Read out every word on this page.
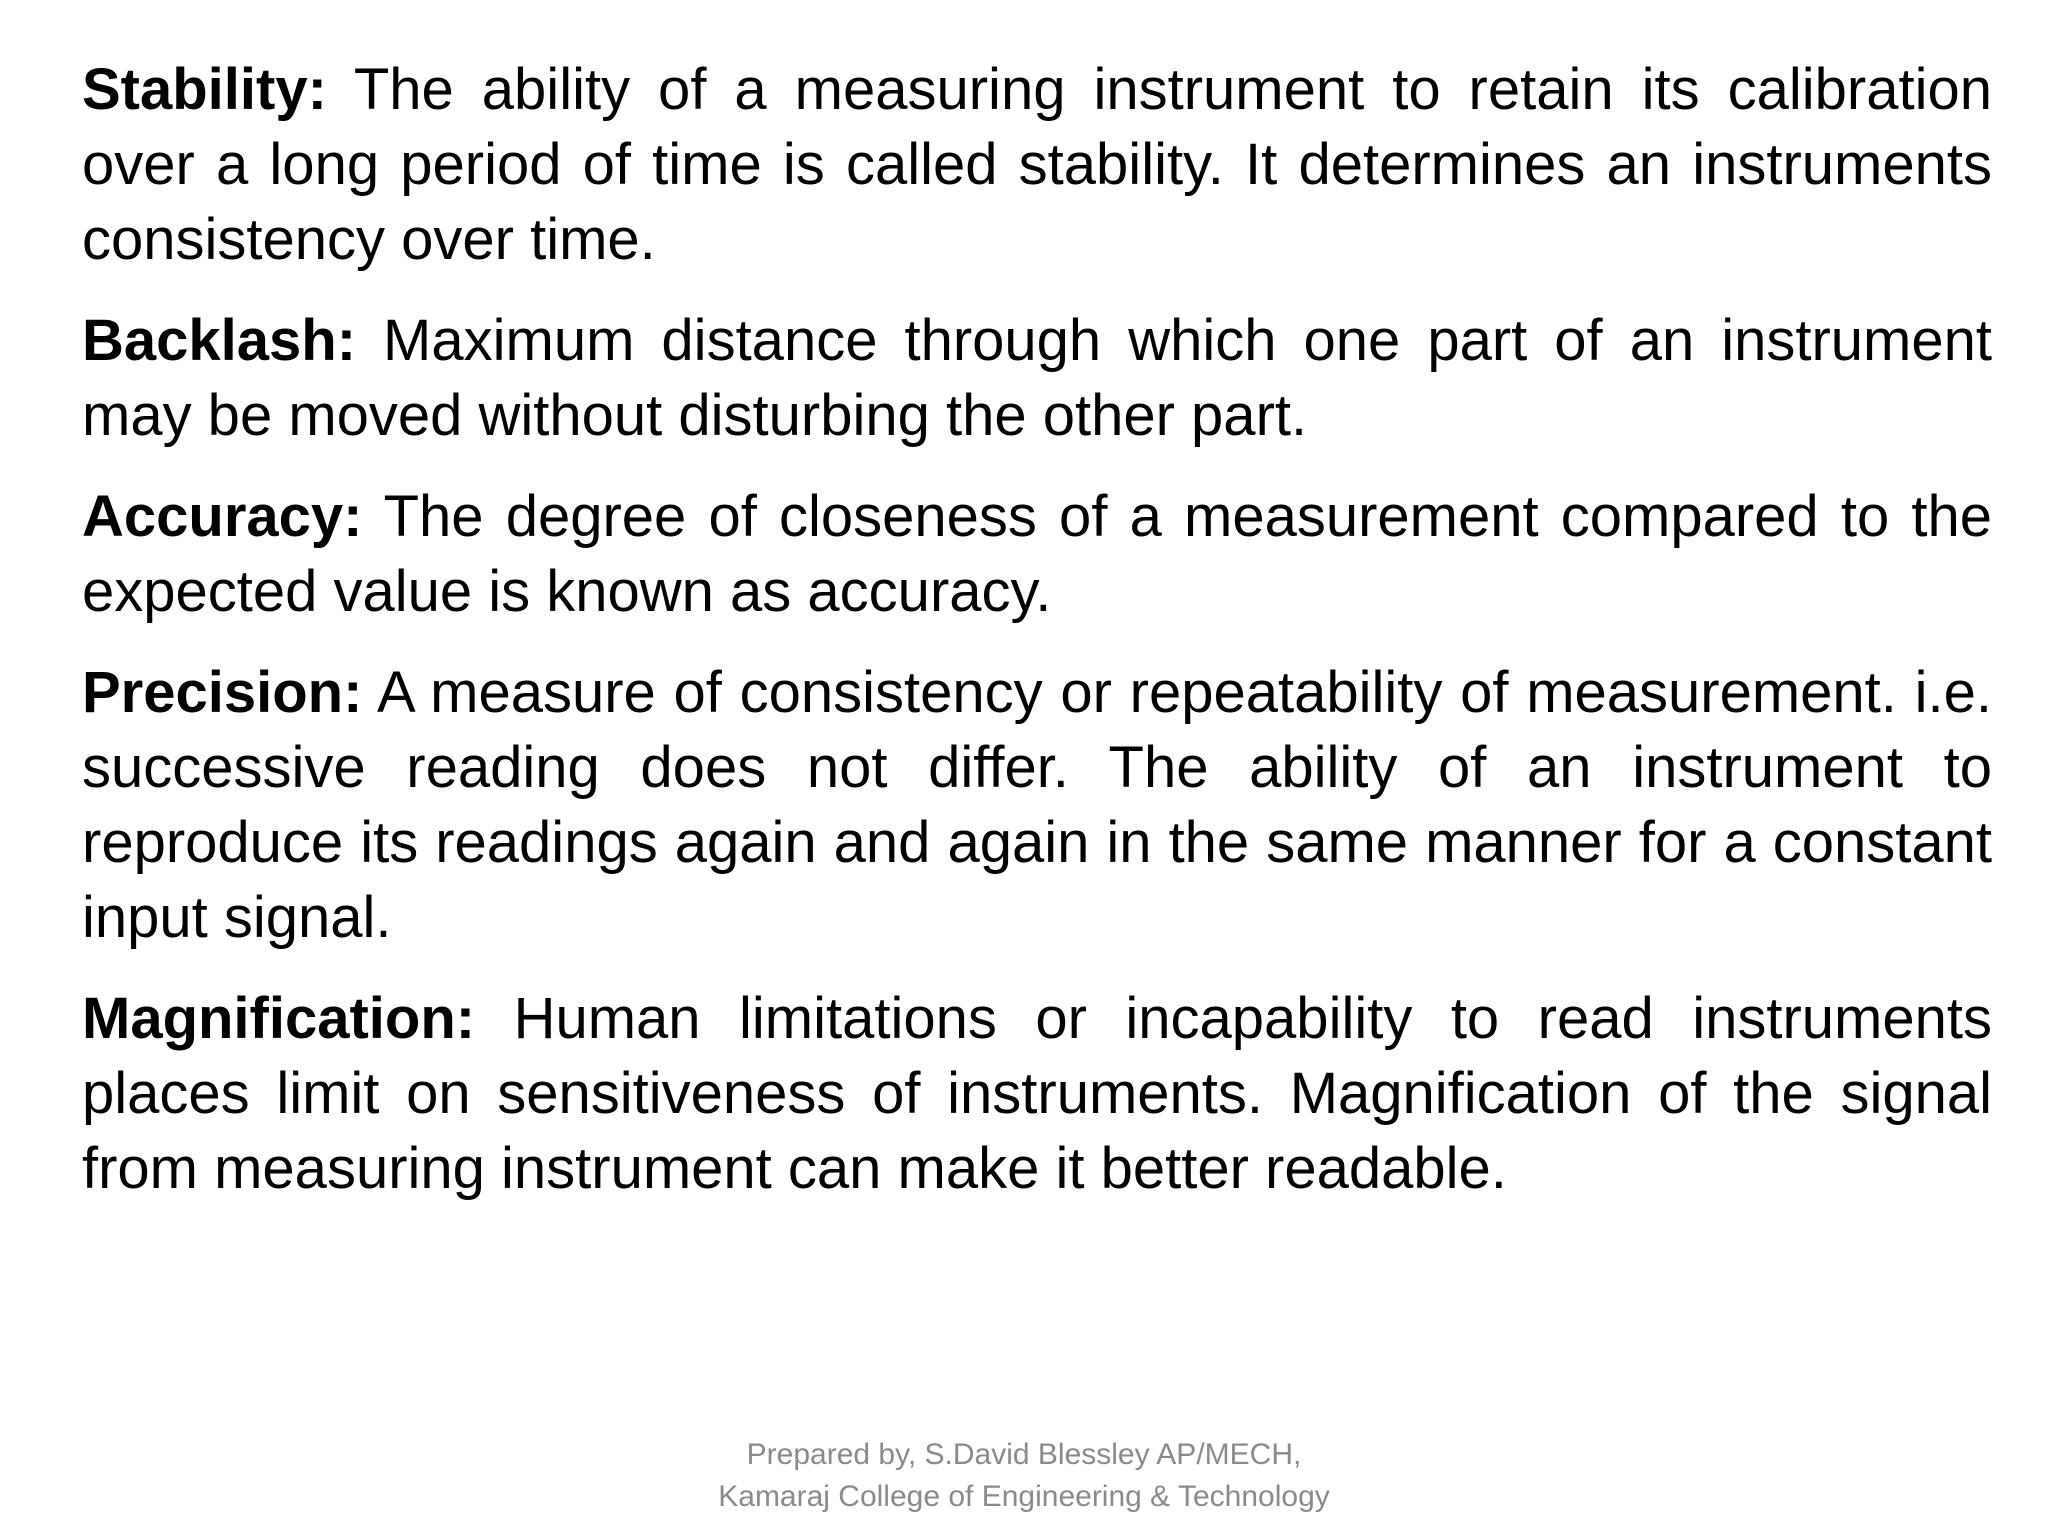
Stability: The ability of a measuring instrument to retain its calibration over a long period of time is called stability. It determines an instruments consistency over time.

Backlash: Maximum distance through which one part of an instrument may be moved without disturbing the other part.

Accuracy: The degree of closeness of a measurement compared to the expected value is known as accuracy.

Precision: A measure of consistency or repeatability of measurement. i.e. successive reading does not differ. The ability of an instrument to reproduce its readings again and again in the same manner for a constant input signal.

Magnification: Human limitations or incapability to read instruments places limit on sensitiveness of instruments. Magnification of the signal from measuring instrument can make it better readable.

Prepared by, S.David Blessley AP/MECH,
Kamaraj College of Engineering & Technology
